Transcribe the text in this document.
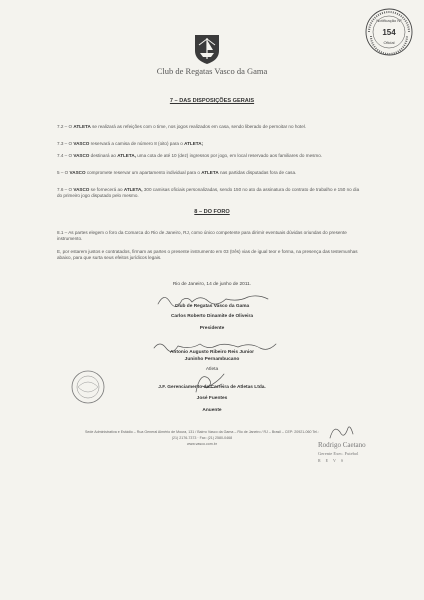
Club de Regatas Vasco da Gama
Notificação Nº
154
Oficial
7 – DAS DISPOSIÇÕES GERAIS
7.2 – O ATLETA se realizará as refeições com o time, nos jogos realizados em casa, sendo liberado de pernoitar no hotel.
7.3 – O VASCO reservará a camisa de número 8 (oito) para o ATLETA;
7.4 – O VASCO destinará ao ATLETA, uma cota de até 10 (dez) ingressos por jogo, em local reservado aos familiares do mesmo.
5 – O VASCO compromete reservar um apartamento individual para o ATLETA nas partidas disputadas fora de casa.
7.6 – O VASCO se fornecerá ao ATLETA, 300 camisas oficiais personalizadas, sendo 150 no ato da assinatura do contrato de trabalho e 150 no dia do primeiro jogo disputado pelo mesmo.
8 – DO FORO
8.1 – As partes elegem o foro da Comarca do Rio de Janeiro, RJ, como único competente para dirimir eventuais dúvidas oriundas do presente instrumento.
E, por estarem justos e contratados, firmam as partes o presente instrumento em 03 (três) vias de igual teor e forma, na presença das testemunhas abaixo, para que surta seus efeitos jurídicos legais.
Rio de Janeiro, 14 de junho de 2011.
Club de Regatas Vasco da Gama
Carlos Roberto Dinamite de Oliveira
Presidente
Antonio Augusto Ribeiro Reis Junior
Juninho Pernambucano
Atleta
J.F. Gerenciamento de Carreira de Atletas Ltda.
José Fuentes
Anuente
Sede Administrativa e Estádio – Rua General Almério de Moura, 131 / Bairro Vasco da Gama – Rio de Janeiro / RJ – Brasil – CEP: 20921-060 Tel.:
(21) 2176-7373 · Fax: (21) 2580-0468
www.vasco.com.br	Rodrigo Caetano
Gerente Exec. Futebol
R E V S
